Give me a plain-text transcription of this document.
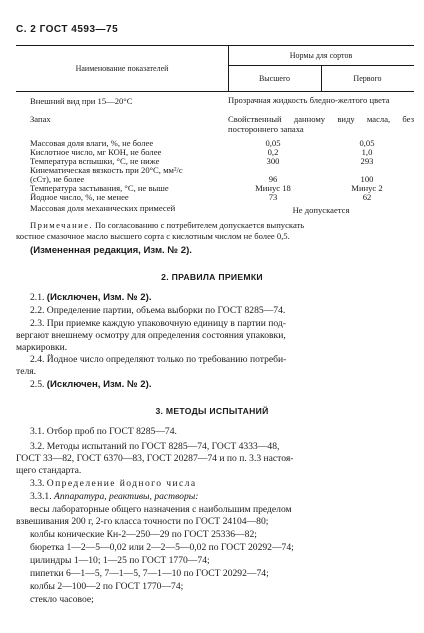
С. 2 ГОСТ 4593—75
Наименование показателей
Нормы для сортов
Высшего	Первого
Внешний вид при 15—20°С	Прозрачная жидкость бледно-желтого цвета
Запах	Свойственный данному виду масла, без постороннего запаха
Массовая доля влаги, %, не более	0,05	0,05
Кислотное число, мг КОН, не более	0,2	1,0
Температура вспышки, °С, не ниже	300	293
Кинематическая вязкость при 20°С, мм²/с
(сСт), не более	96	100
Температура застывания, °С, не выше	Минус 18	Минус 2
Йодное число, %, не менее	73	62
Массовая доля механических примесей	Не допускается
Примечание. По согласованию с потребителем допускается выпускать
костное смазочное масло высшего сорта с кислотным числом не более 0,5.
(Измененная редакция, Изм. № 2).
2. ПРАВИЛА ПРИЕМКИ
2.1. (Исключен, Изм. № 2).
2.2. Определение партии, объема выборки по ГОСТ 8285—74.
2.3. При приемке каждую упаковочную единицу в партии под-
вергают внешнему осмотру для определения состояния упаковки,
маркировки.
2.4. Йодное число определяют только по требованию потреби-
теля.
2.5. (Исключен, Изм. № 2).
3. МЕТОДЫ ИСПЫТАНИЙ
3.1. Отбор проб по ГОСТ 8285—74.
3.2. Методы испытаний по ГОСТ 8285—74, ГОСТ 4333—48,
ГОСТ 33—82, ГОСТ 6370—83, ГОСТ 20287—74 и по п. 3.3 настоя-
щего стандарта.
3.3. Определение йодного числа
3.3.1. Аппаратура, реактивы, растворы:
весы лабораторные общего назначения с наибольшим пределом
взвешивания 200 г, 2-го класса точности по ГОСТ 24104—80;
колбы конические Кн-2—250—29 по ГОСТ 25336—82;
бюретка 1—2—5—0,02 или 2—2—5—0,02 по ГОСТ 20292—74;
цилиндры 1—10; 1—25 по ГОСТ 1770—74;
пипетки 6—1—5, 7—1—5, 7—1—10 по ГОСТ 20292—74;
колбы 2—100—2 по ГОСТ 1770—74;
стекло часовое;
